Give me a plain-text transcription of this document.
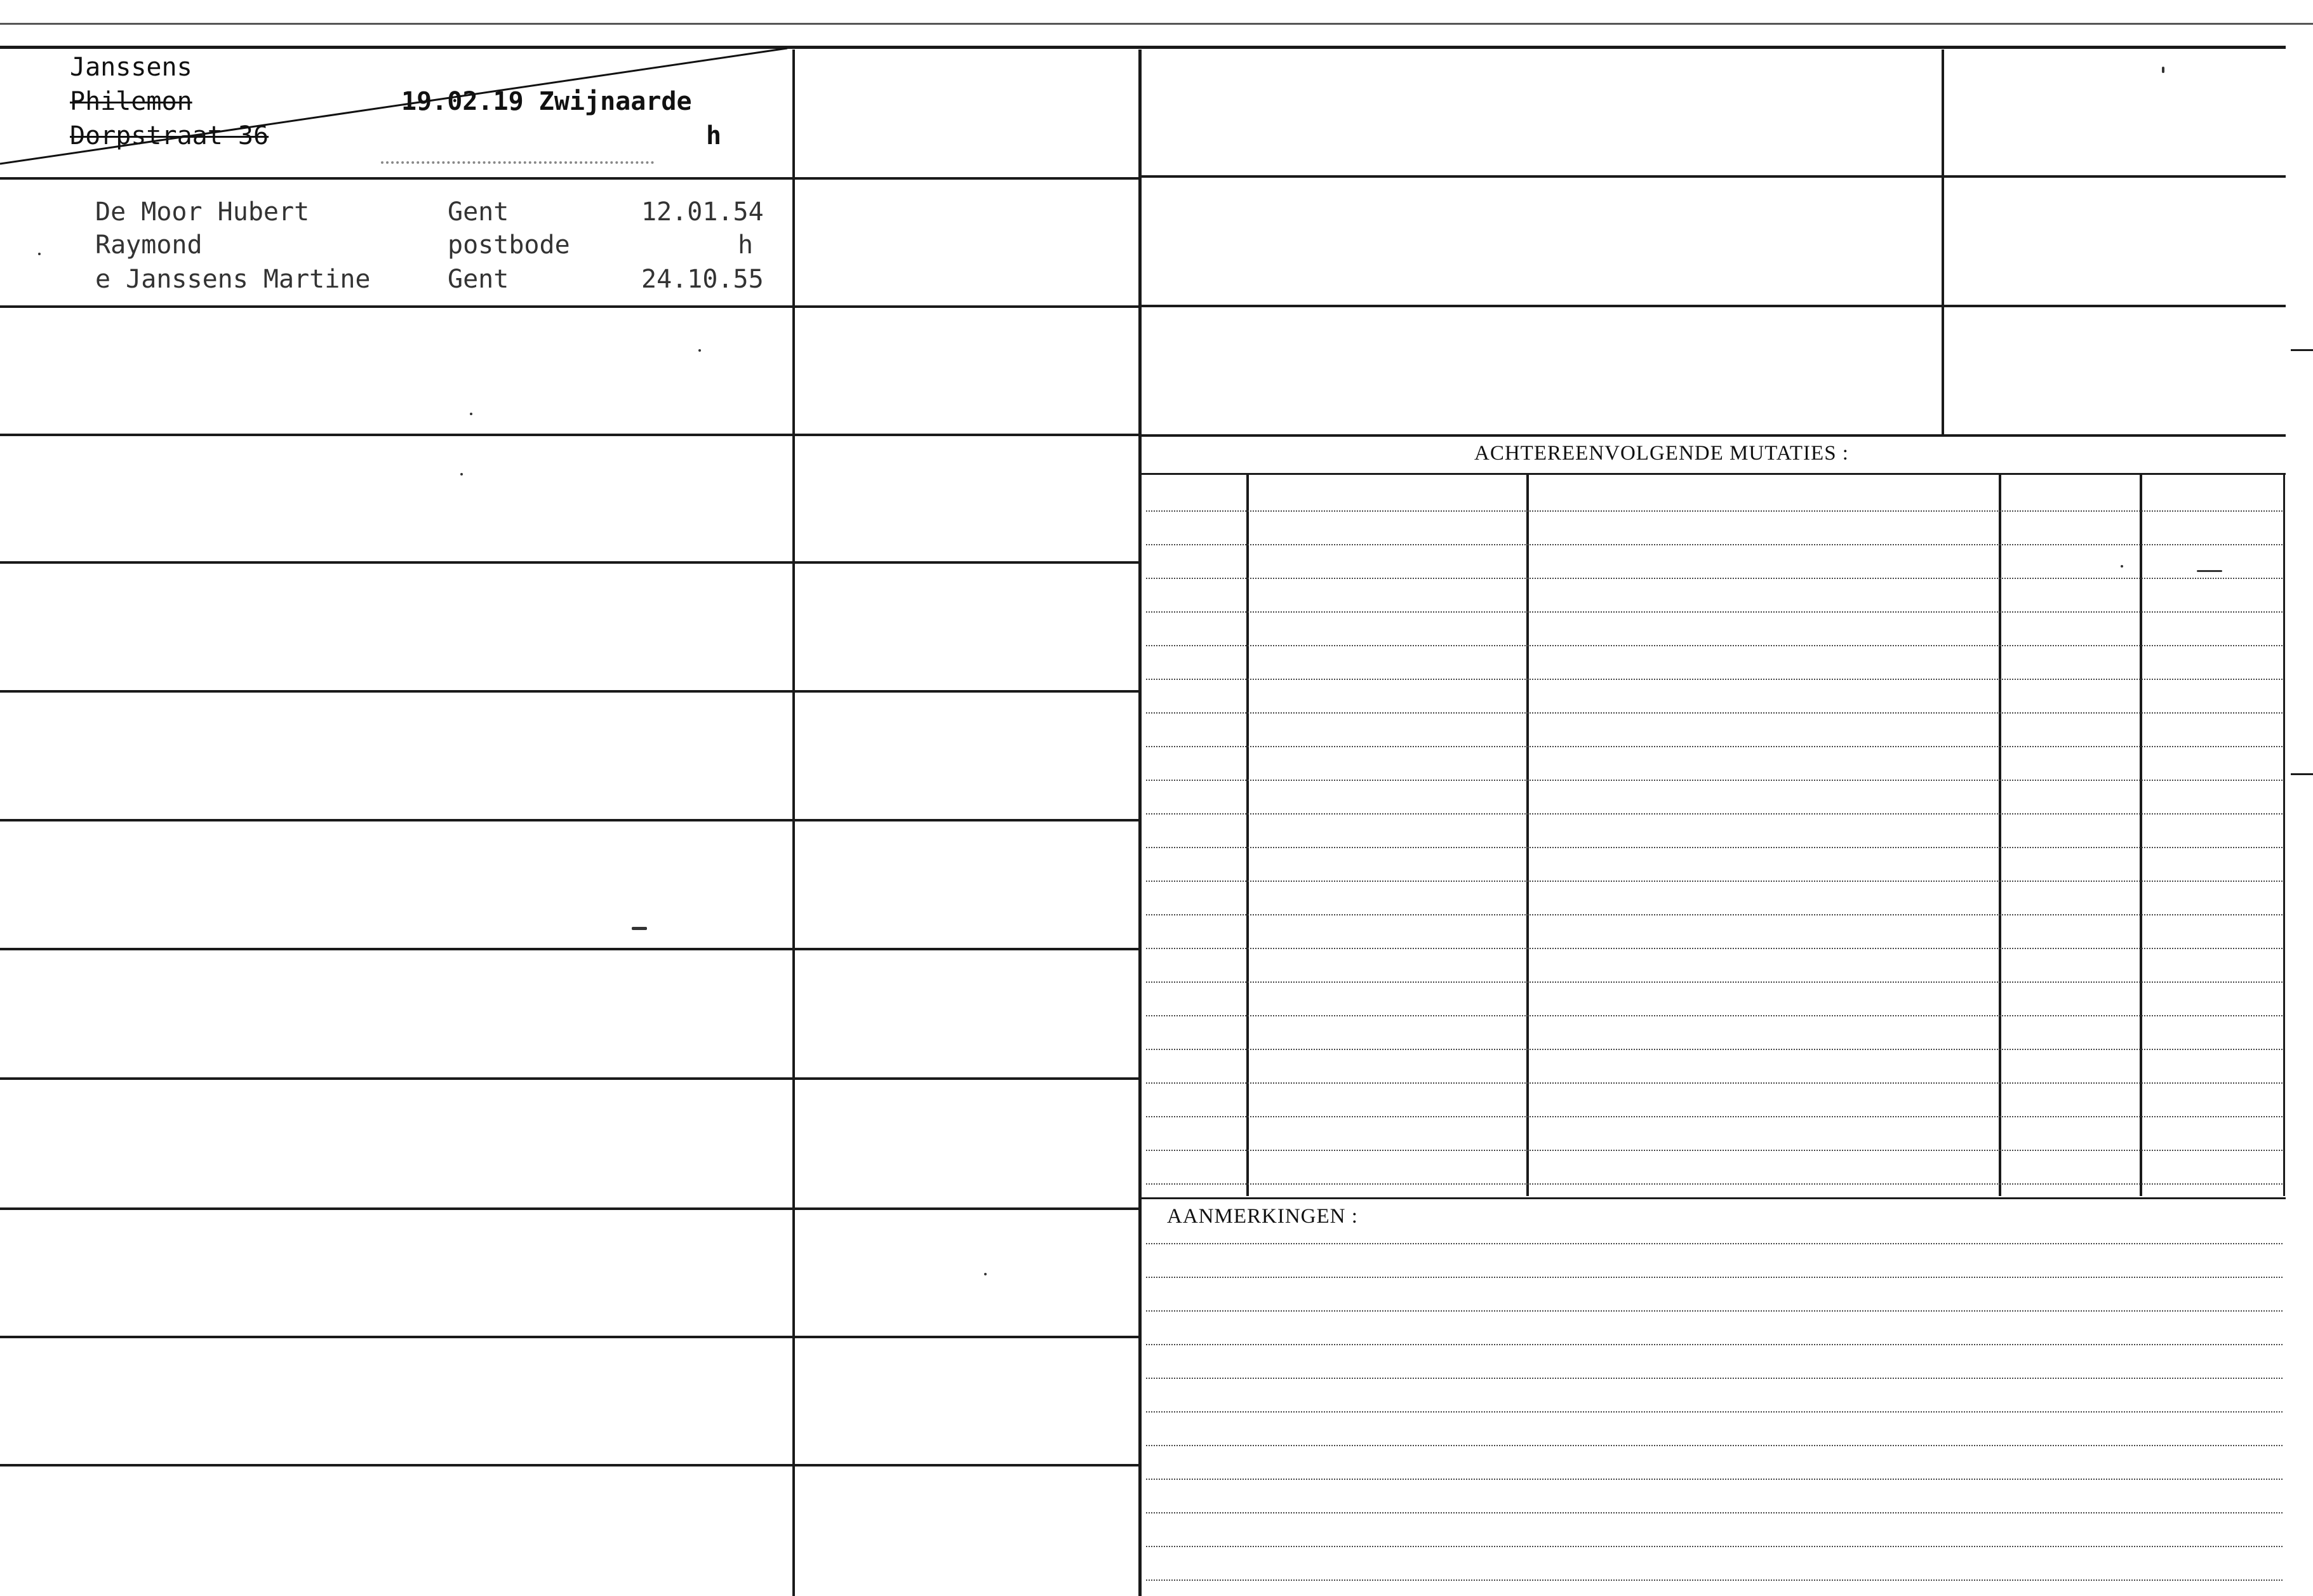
Janssens
Philemon
Dorpstraat 36
19.02.19 Zwijnaarde
h
De Moor Hubert	Gent	12.01.54
Raymond	postbode	h
e Janssens Martine	Gent	24.10.55
ACHTEREENVOLGENDE MUTATIES :
AANMERKINGEN :
